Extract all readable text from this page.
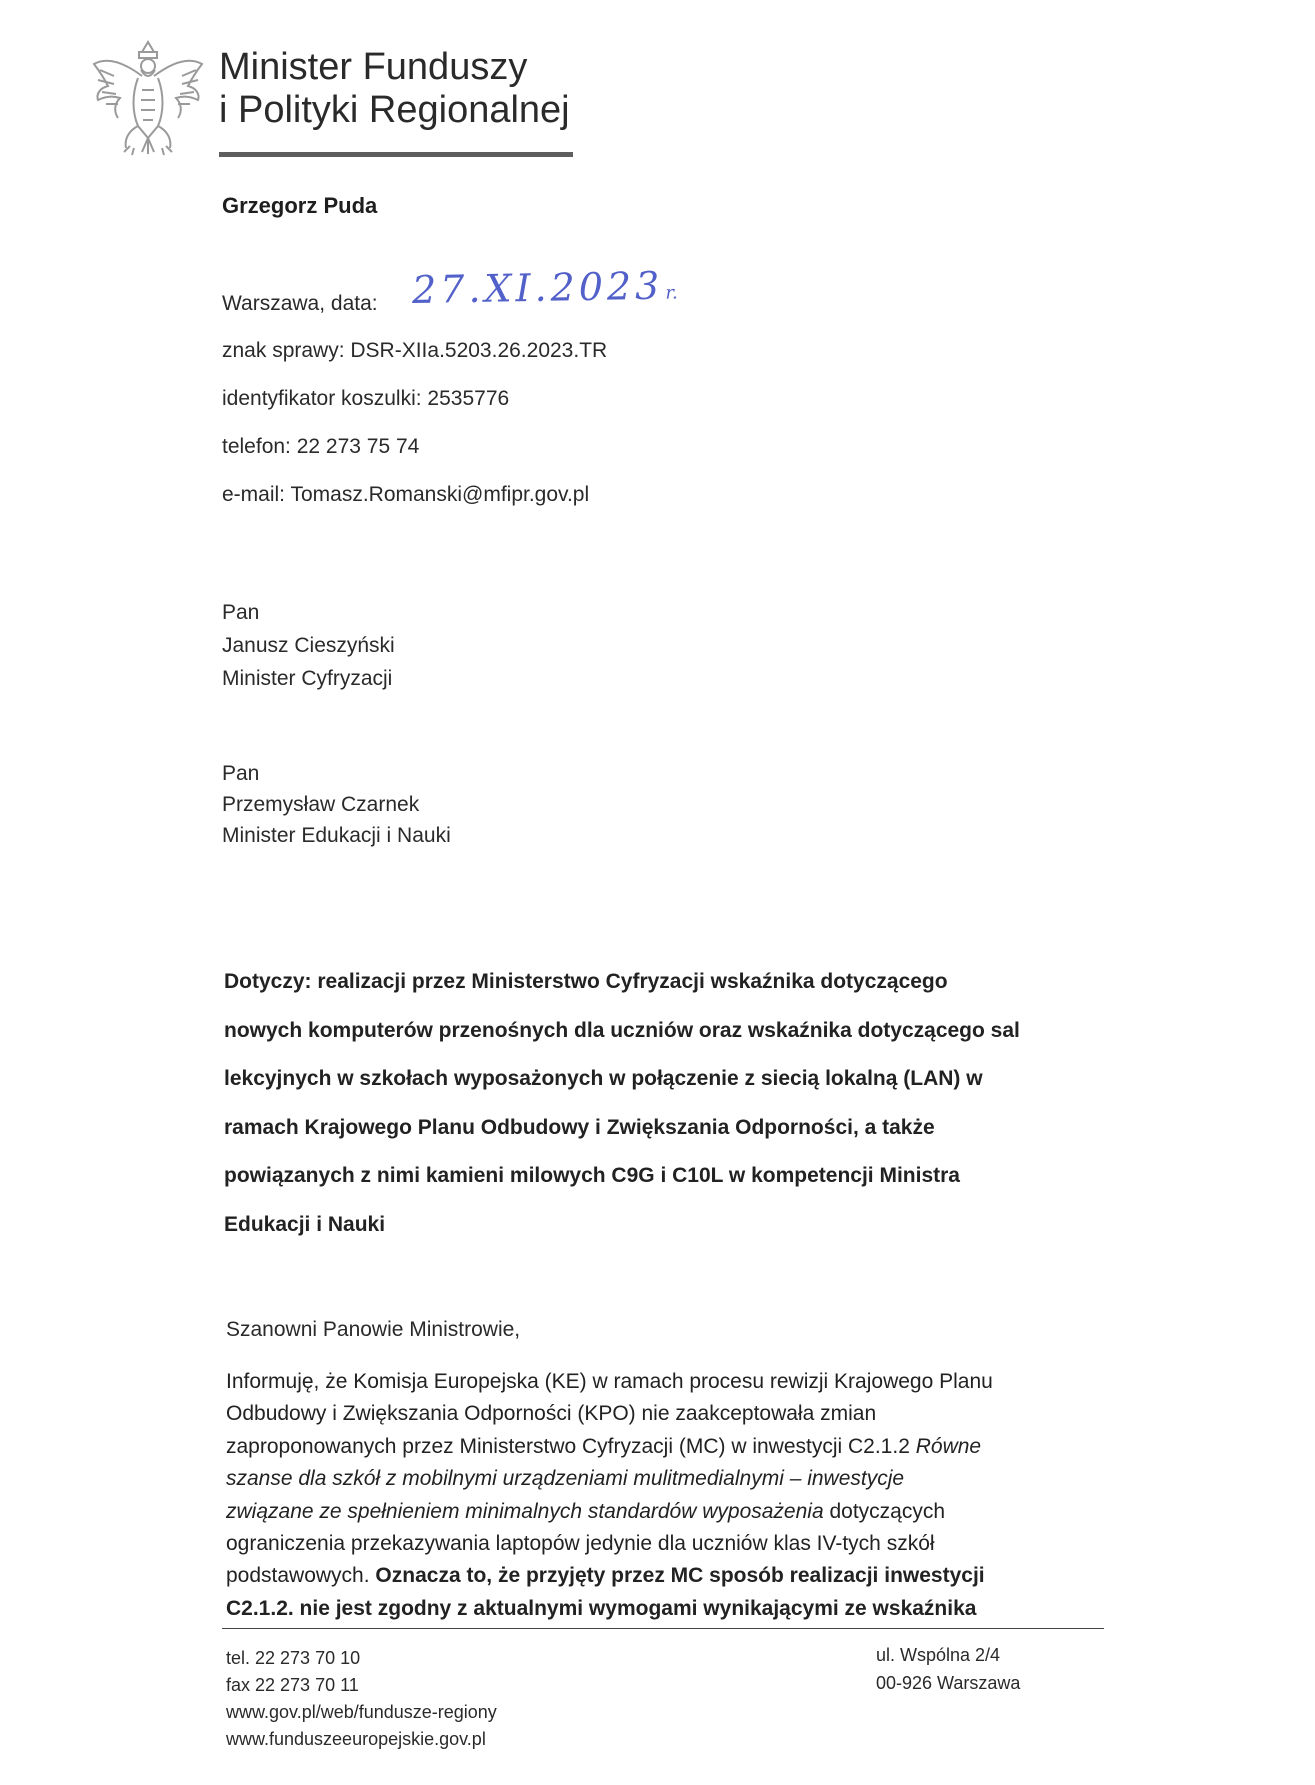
Minister Funduszy
i Polityki Regionalnej
Grzegorz Puda
Warszawa, data: 27.XI.2023r.
znak sprawy: DSR-XIIa.5203.26.2023.TR
identyfikator koszulki: 2535776
telefon: 22 273 75 74
e-mail: Tomasz.Romanski@mfipr.gov.pl
Pan
Janusz Cieszyński
Minister Cyfryzacji
Pan
Przemysław Czarnek
Minister Edukacji i Nauki
Dotyczy: realizacji przez Ministerstwo Cyfryzacji wskaźnika dotyczącego
nowych komputerów przenośnych dla uczniów oraz wskaźnika dotyczącego sal
lekcyjnych w szkołach wyposażonych w połączenie z siecią lokalną (LAN) w
ramach Krajowego Planu Odbudowy i Zwiększania Odporności, a także
powiązanych z nimi kamieni milowych C9G i C10L w kompetencji Ministra
Edukacji i Nauki
Szanowni Panowie Ministrowie,
Informuję, że Komisja Europejska (KE) w ramach procesu rewizji Krajowego Planu
Odbudowy i Zwiększania Odporności (KPO) nie zaakceptowała zmian
zaproponowanych przez Ministerstwo Cyfryzacji (MC) w inwestycji C2.1.2 Równe
szanse dla szkół z mobilnymi urządzeniami mulitmedialnymi – inwestycje
związane ze spełnieniem minimalnych standardów wyposażenia dotyczących
ograniczenia przekazywania laptopów jedynie dla uczniów klas IV-tych szkół
podstawowych. Oznacza to, że przyjęty przez MC sposób realizacji inwestycji
C2.1.2. nie jest zgodny z aktualnymi wymogami wynikającymi ze wskaźnika
tel. 22 273 70 10
fax 22 273 70 11
www.gov.pl/web/fundusze-regiony
www.funduszeeuropejskie.gov.pl
ul. Wspólna 2/4
00-926 Warszawa
